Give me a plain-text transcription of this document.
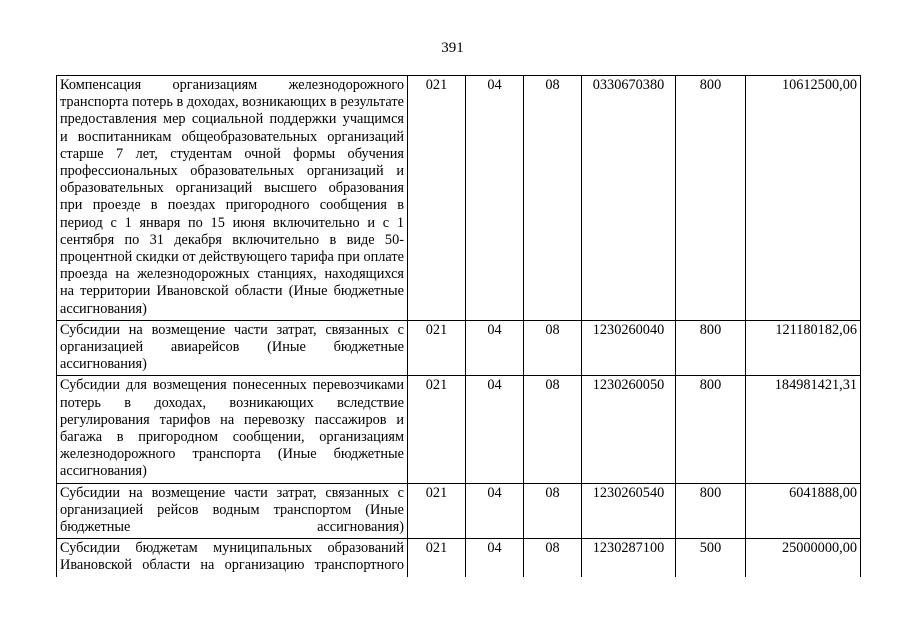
391
Компенсация организациям железнодорожного транспорта потерь в доходах, возникающих в результате предоставления мер социальной поддержки учащимся и воспитанникам общеобразовательных организаций старше 7 лет, студентам очной формы обучения профессиональных образовательных организаций и образовательных организаций высшего образования при проезде в поездах пригородного сообщения в период с 1 января по 15 июня включительно и с 1 сентября по 31 декабря включительно в виде 50-процентной скидки от действующего тарифа при оплате проезда на железнодорожных станциях, находящихся на территории Ивановской области (Иные бюджетные ассигнования)	021	04	08	0330670380	800	10612500,00
Субсидии на возмещение части затрат, связанных с организацией авиарейсов (Иные бюджетные ассигнования)	021	04	08	1230260040	800	121180182,06
Субсидии для возмещения понесенных перевозчиками потерь в доходах, возникающих вследствие регулирования тарифов на перевозку пассажиров и багажа в пригородном сообщении, организациям железнодорожного транспорта (Иные бюджетные ассигнования)	021	04	08	1230260050	800	184981421,31
Субсидии на возмещение части затрат, связанных с организацией рейсов водным транспортом (Иные бюджетные ассигнования)	021	04	08	1230260540	800	6041888,00
Субсидии бюджетам муниципальных образований Ивановской области на организацию транспортного	021	04	08	1230287100	500	25000000,00
